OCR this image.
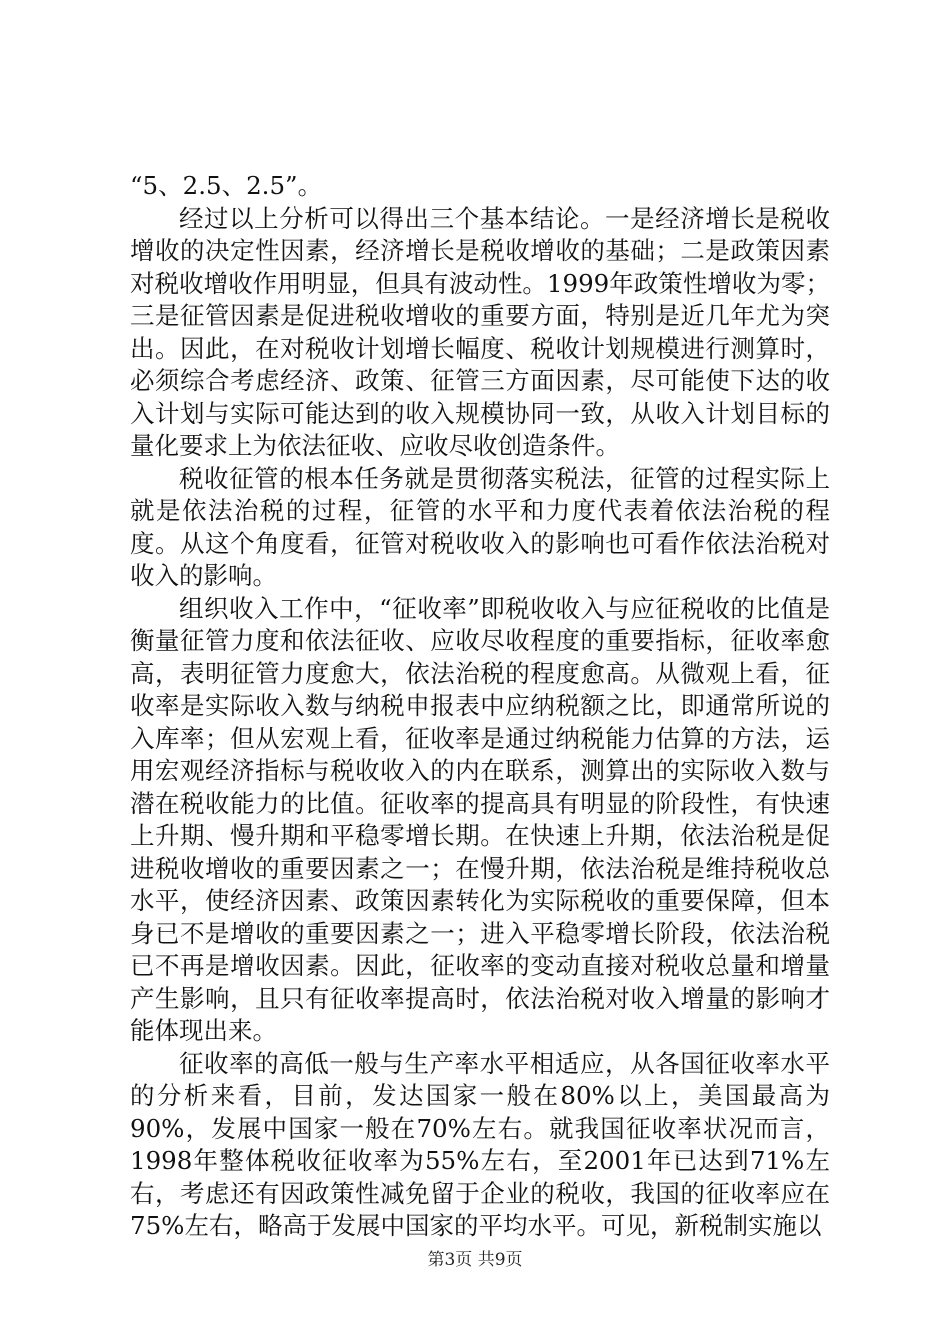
“5、2.5、2.5”。

经过以上分析可以得出三个基本结论。一是经济增长是税收增收的决定性因素，经济增长是税收增收的基础；二是政策因素对税收增收作用明显，但具有波动性。1999年政策性增收为零；三是征管因素是促进税收增收的重要方面，特别是近几年尤为突出。因此，在对税收计划增长幅度、税收计划规模进行测算时，必须综合考虑经济、政策、征管三方面因素，尽可能使下达的收入计划与实际可能达到的收入规模协同一致，从收入计划目标的量化要求上为依法征收、应收尽收创造条件。

税收征管的根本任务就是贯彻落实税法，征管的过程实际上就是依法治税的过程，征管的水平和力度代表着依法治税的程度。从这个角度看，征管对税收收入的影响也可看作依法治税对收入的影响。

组织收入工作中，“征收率”即税收收入与应征税收的比值是衡量征管力度和依法征收、应收尽收程度的重要指标，征收率愈高，表明征管力度愈大，依法治税的程度愈高。从微观上看，征收率是实际收入数与纳税申报表中应纳税额之比，即通常所说的入库率；但从宏观上看，征收率是通过纳税能力估算的方法，运用宏观经济指标与税收收入的内在联系，测算出的实际收入数与潜在税收能力的比值。征收率的提高具有明显的阶段性，有快速上升期、慢升期和平稳零增长期。在快速上升期，依法治税是促进税收增收的重要因素之一；在慢升期，依法治税是维持税收总水平，使经济因素、政策因素转化为实际税收的重要保障，但本身已不是增收的重要因素之一；进入平稳零增长阶段，依法治税已不再是增收因素。因此，征收率的变动直接对税收总量和增量产生影响，且只有征收率提高时，依法治税对收入增量的影响才能体现出来。

征收率的高低一般与生产率水平相适应，从各国征收率水平的分析来看，目前，发达国家一般在80%以上，美国最高为90%，发展中国家一般在70%左右。就我国征收率状况而言，1998年整体税收征收率为55%左右，至2001年已达到71%左右，考虑还有因政策性减免留于企业的税收，我国的征收率应在75%左右，略高于发展中国家的平均水平。可见，新税制实施以

第3页 共9页
